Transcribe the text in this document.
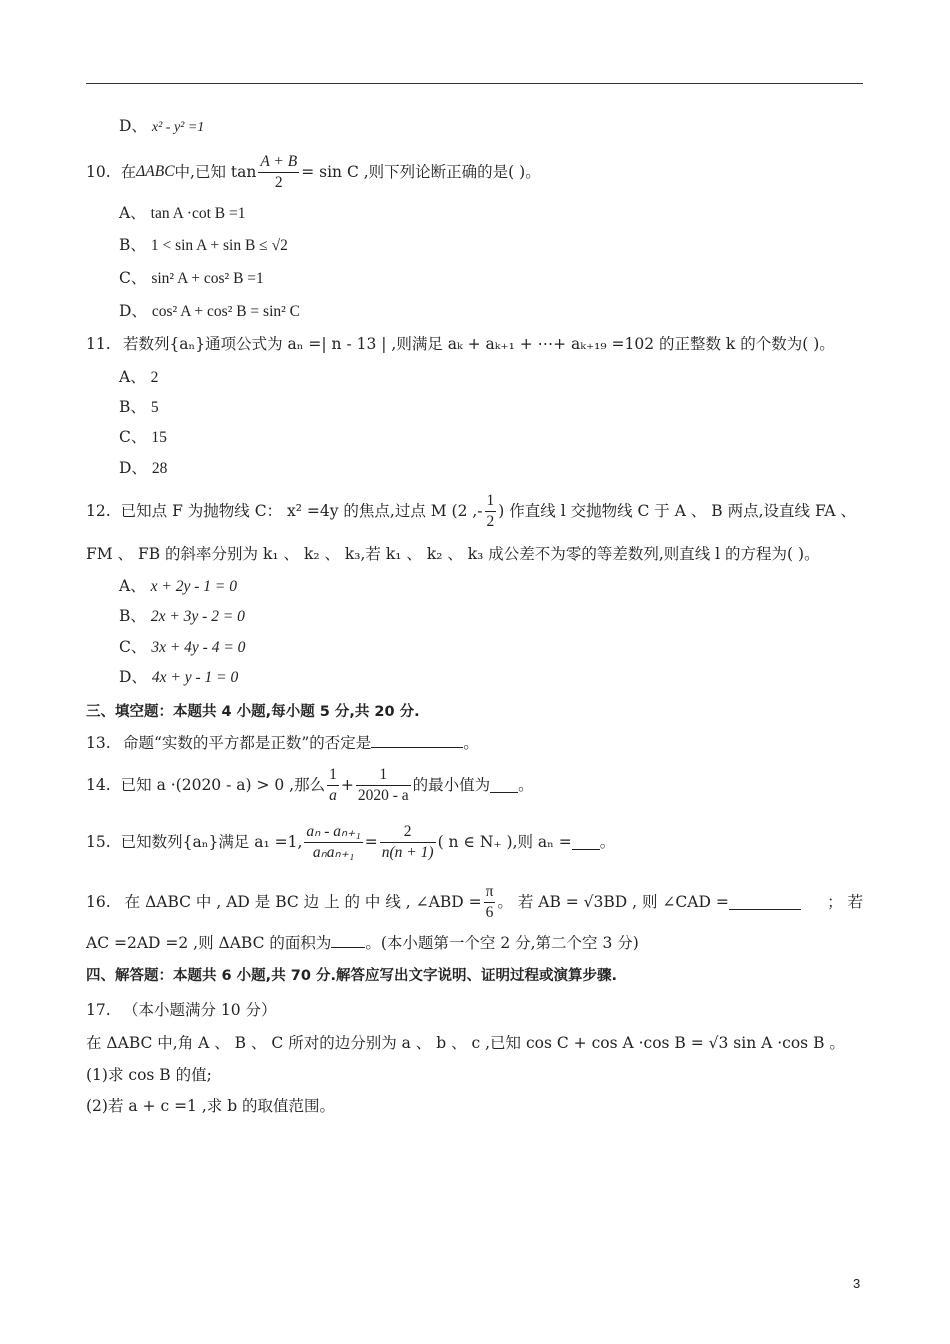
D、 x² - y² =1
10. 在 ΔABC 中,已知 $\tan \frac{A + B}{2} = \sin C$ ,则下列论断正确的是( )。
A、 tan A ·cot B =1
B、 1 < sin A + sin B ≤ √2
C、 sin² A + cos² B =1
D、 cos² A + cos² B = sin² C
11. 若数列{aₙ}通项公式为 aₙ =| n - 13 | ,则满足 aₖ + aₖ₊₁ + ⋯+ aₖ₊₁₉ =102 的正整数 k 的个数为( )。
A、 2
B、 5
C、 15
D、 28
12. 已知点 F 为抛物线 C： x² =4y 的焦点,过点 M (2 ,- $\frac{1}{2}$ ) 作直线 l 交抛物线 C 于 A 、 B 两点,设直线 FA 、
FM 、 FB 的斜率分别为 k₁ 、 k₂ 、 k₃,若 k₁ 、 k₂ 、 k₃ 成公差不为零的等差数列,则直线 l 的方程为( )。
A、 x + 2y - 1 = 0
B、 2x + 3y - 2 = 0
C、 3x + 4y - 4 = 0
D、 4x + y - 1 = 0
三、填空题：本题共 4 小题,每小题 5 分,共 20 分.
13. 命题“实数的平方都是正数”的否定是	。
14. 已知 a ·(2020 - a) > 0 ,那么 $\frac{1}{a} + \frac{1}{2020 - a}$ 的最小值为 。
15. 已知数列{aₙ}满足 a₁ =1, $\frac{\text{aₙ - aₙ₊₁}}{\text{aₙaₙ₊₁}} = \frac{2}{n(n + 1)}$ ( n ∈ N₊ ),则 aₙ = 。
16. 在 ΔABC 中 , AD 是 BC 边 上 的 中 线 , ∠ABD = $\frac{\pi}{6}$ 。 若 AB = √3BD , 则 ∠CAD =	； 若
AC =2AD =2 ,则 ΔABC 的面积为 。(本小题第一个空 2 分,第二个空 3 分)
四、解答题：本题共 6 小题,共 70 分.解答应写出文字说明、证明过程或演算步骤.
17. （本小题满分 10 分）
在 ΔABC 中,角 A 、 B 、 C 所对的边分别为 a 、 b 、 c ,已知 cos C + cos A ·cos B = √3 sin A ·cos B 。
(1)求 cos B 的值;
(2)若 a + c =1 ,求 b 的取值范围。
3
